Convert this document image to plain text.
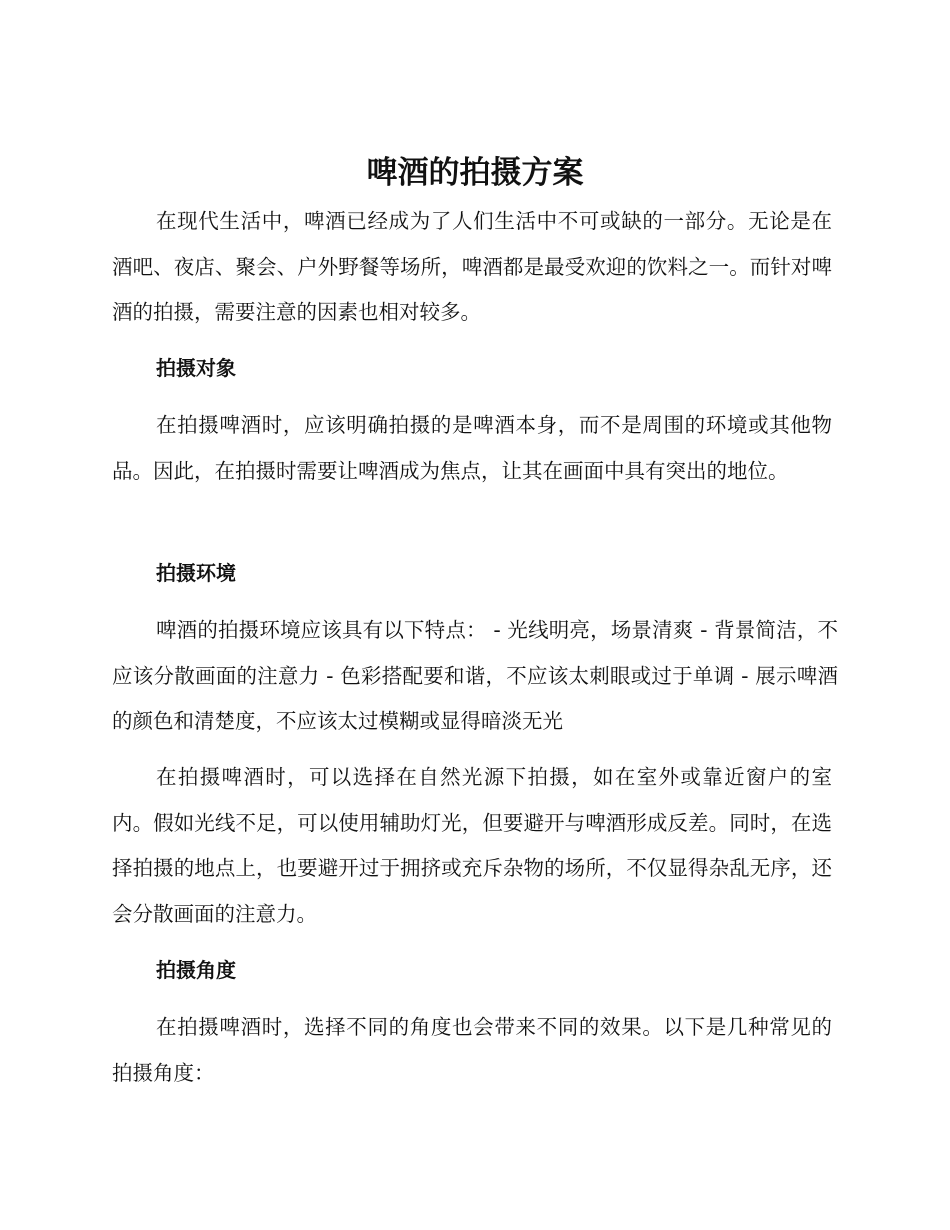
啤酒的拍摄方案

在现代生活中，啤酒已经成为了人们生活中不可或缺的一部分。无论是在酒吧、夜店、聚会、户外野餐等场所，啤酒都是最受欢迎的饮料之一。而针对啤酒的拍摄，需要注意的因素也相对较多。

拍摄对象

在拍摄啤酒时，应该明确拍摄的是啤酒本身，而不是周围的环境或其他物品。因此，在拍摄时需要让啤酒成为焦点，让其在画面中具有突出的地位。

拍摄环境

啤酒的拍摄环境应该具有以下特点： - 光线明亮，场景清爽 - 背景简洁，不应该分散画面的注意力 - 色彩搭配要和谐，不应该太刺眼或过于单调 - 展示啤酒的颜色和清楚度，不应该太过模糊或显得暗淡无光

在拍摄啤酒时，可以选择在自然光源下拍摄，如在室外或靠近窗户的室内。假如光线不足，可以使用辅助灯光，但要避开与啤酒形成反差。同时，在选择拍摄的地点上，也要避开过于拥挤或充斥杂物的场所，不仅显得杂乱无序，还会分散画面的注意力。

拍摄角度

在拍摄啤酒时，选择不同的角度也会带来不同的效果。以下是几种常见的拍摄角度：
